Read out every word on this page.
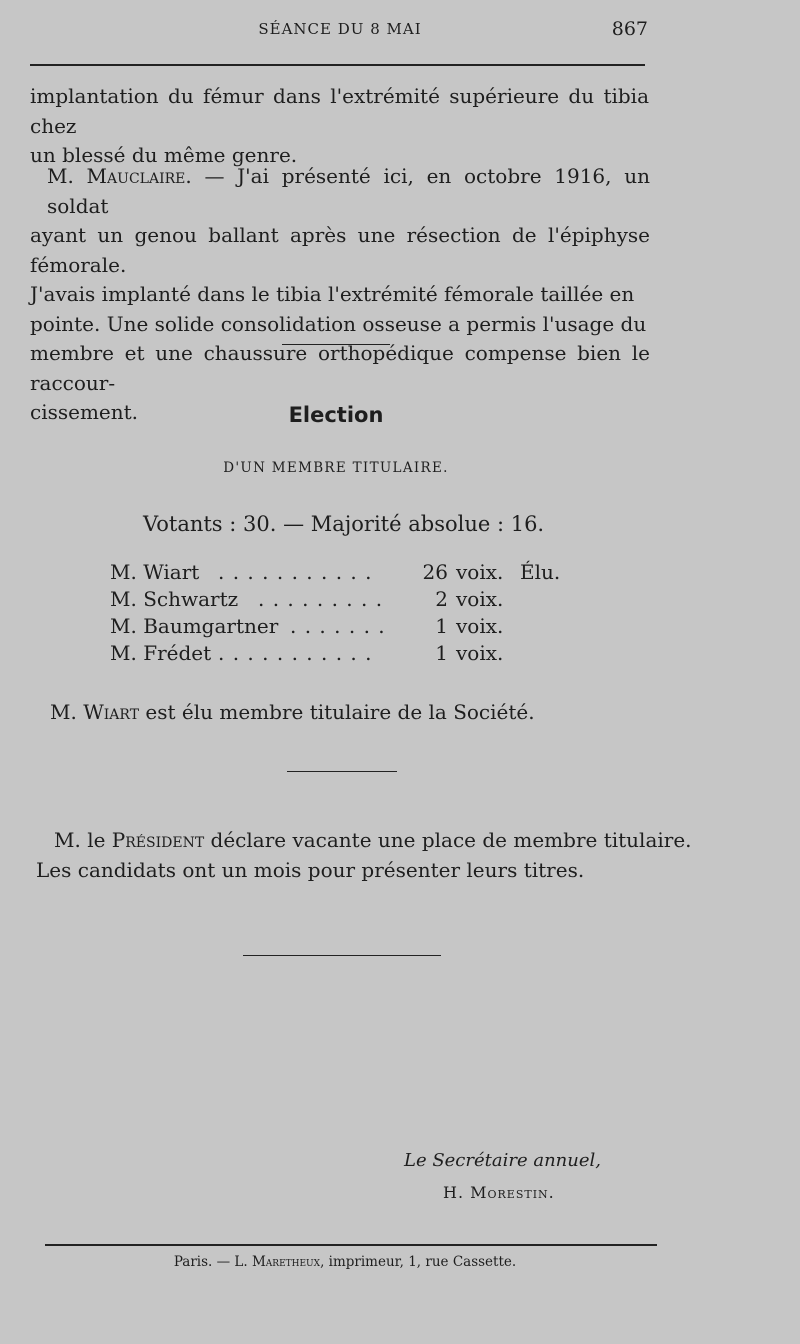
SÉANCE DU 8 MAI	867
implantation du fémur dans l'extrémité supérieure du tibia chez
un blessé du même genre.
M. Mauclaire. — J'ai présenté ici, en octobre 1916, un soldat
ayant un genou ballant après une résection de l'épiphyse fémorale.
J'avais implanté dans le tibia l'extrémité fémorale taillée en
pointe. Une solide consolidation osseuse a permis l'usage du
membre et une chaussure orthopédique compense bien le raccour-
cissement.	Election
D'UN MEMBRE TITULAIRE.
Votants : 30. — Majorité absolue : 16.
M. Wiart . . . . . . . . . . .	26 voix. Élu.
M. Schwartz . . . . . . . . .	2 voix.
M. Baumgartner . . . . . . . 1 voix.
M. Frédet . . . . . . . . . . .	1 voix.
M. Wiart est élu membre titulaire de la Société.
M. le Président déclare vacante une place de membre titulaire.
Les candidats ont un mois pour présenter leurs titres.
Le Secrétaire annuel,
H. Morestin.
Paris. — L. Maretheux, imprimeur, 1, rue Cassette.
